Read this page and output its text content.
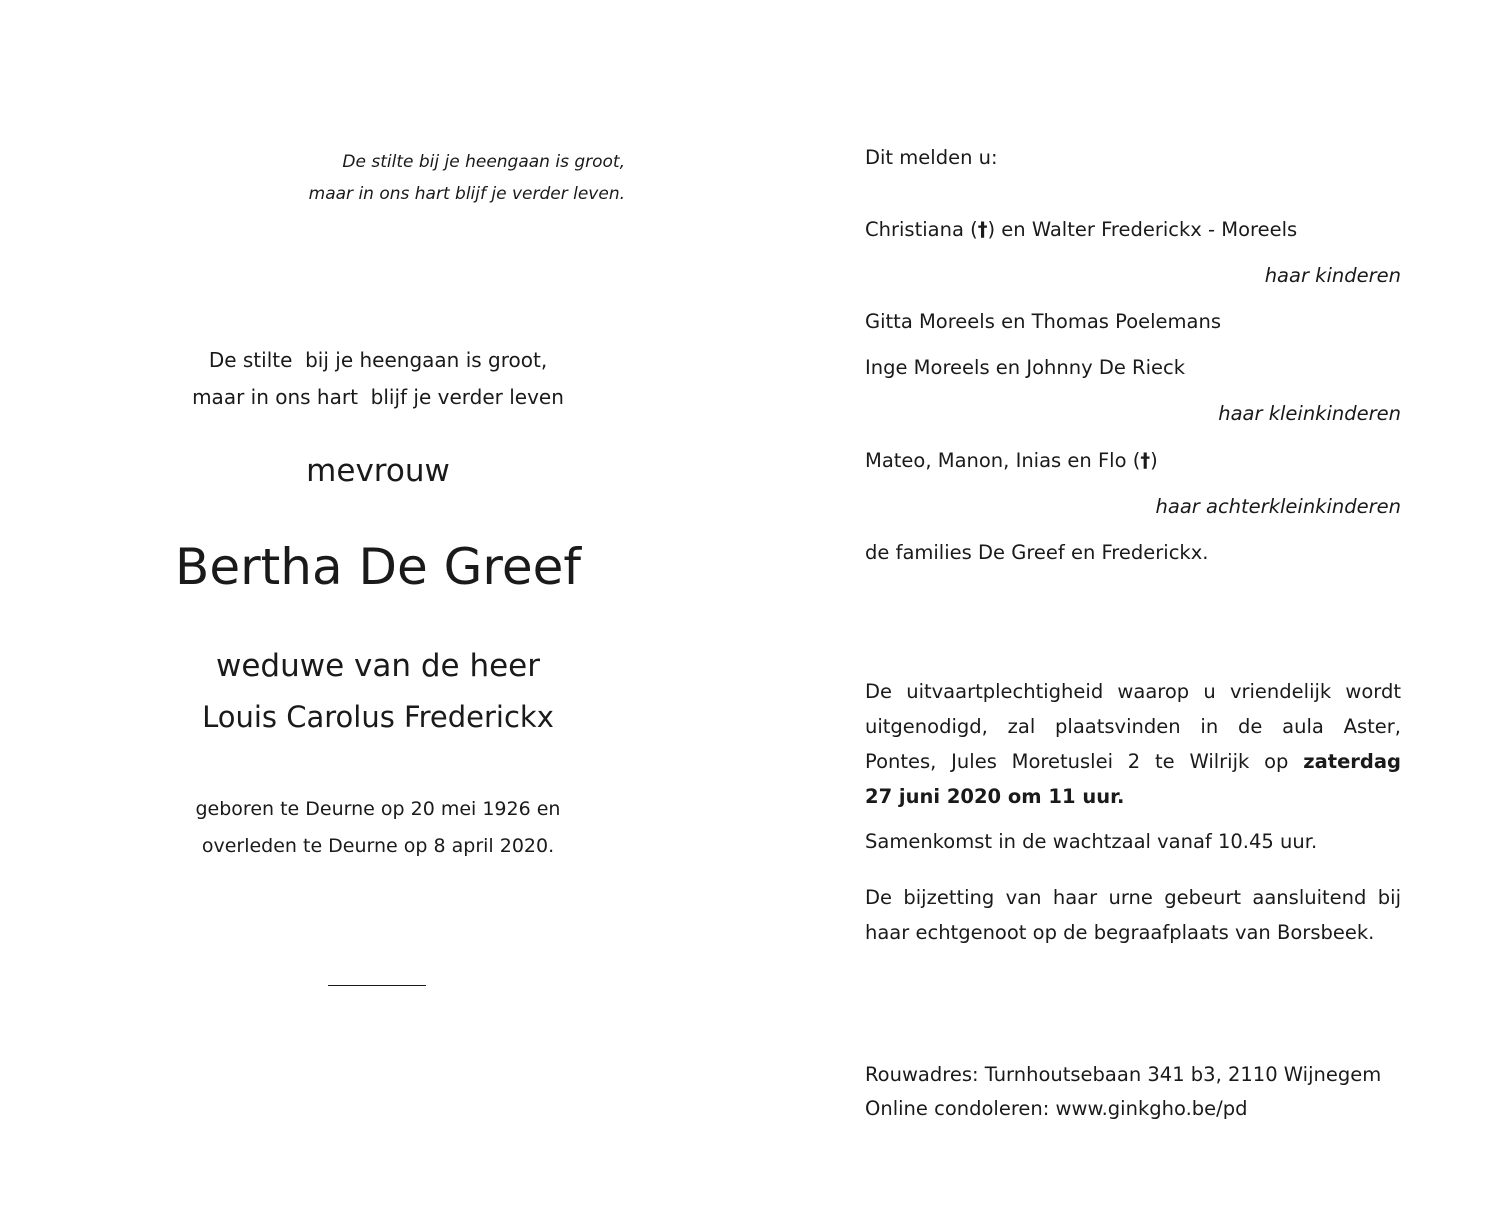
De stilte bij je heengaan is groot,
maar in ons hart blijf je verder leven.
De stilte  bij je heengaan is groot,
maar in ons hart  blijf je verder leven
mevrouw
Bertha De Greef
weduwe van de heer
Louis Carolus Frederickx
geboren te Deurne op 20 mei 1926 en
overleden te Deurne op 8 april 2020.
Dit melden u:
Christiana (†) en Walter Frederickx - Moreels
haar kinderen
Gitta Moreels en Thomas Poelemans
Inge Moreels en Johnny De Rieck
haar kleinkinderen
Mateo, Manon, Inias en Flo (†)
haar achterkleinkinderen
de families De Greef en Frederickx.
De uitvaartplechtigheid waarop u vriendelijk wordt
uitgenodigd, zal plaatsvinden in de aula Aster,
Pontes, Jules Moretuslei 2 te Wilrijk op zaterdag
27 juni 2020 om 11 uur.
Samenkomst in de wachtzaal vanaf 10.45 uur.
De bijzetting van haar urne gebeurt aansluitend bij
haar echtgenoot op de begraafplaats van Borsbeek.
Rouwadres: Turnhoutsebaan 341 b3, 2110 Wijnegem
Online condoleren: www.ginkgho.be/pd
